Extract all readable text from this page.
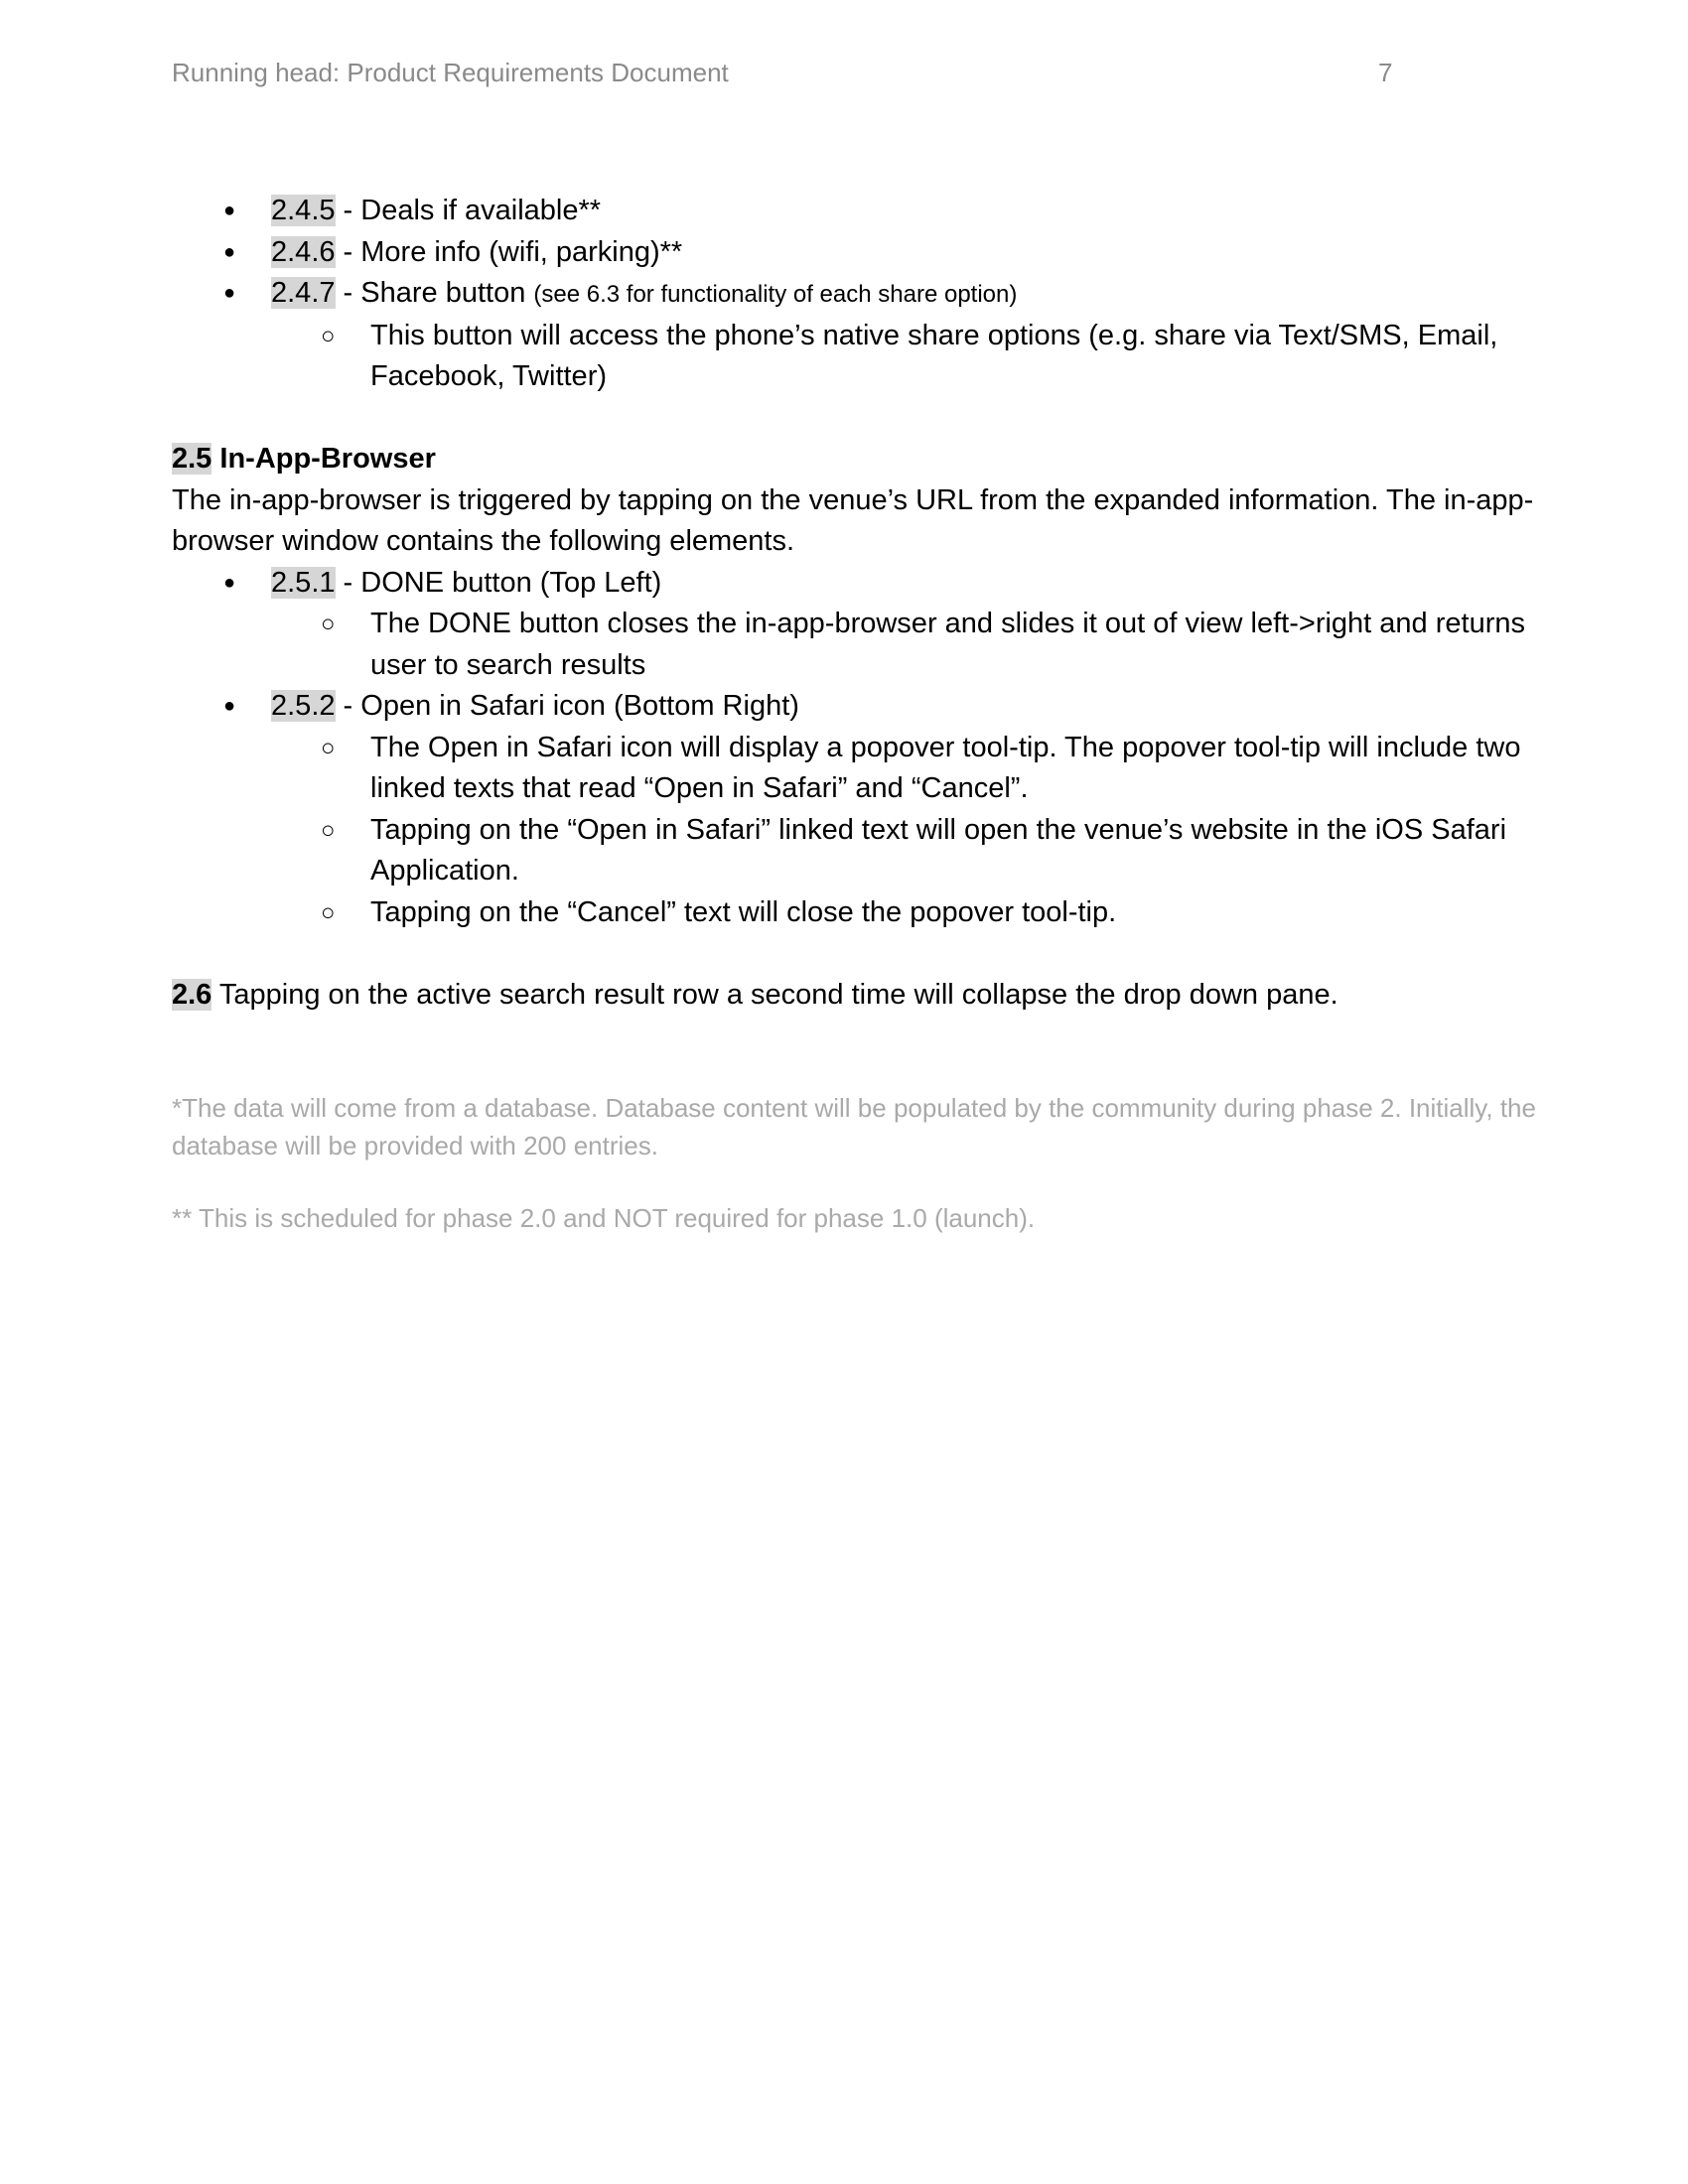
Running head: Product Requirements Document	7
● 2.4.5 - Deals if available**
● 2.4.6 - More info (wifi, parking)**
● 2.4.7 - Share button (see 6.3 for functionality of each share option)
○ This button will access the phone’s native share options (e.g. share via Text/SMS, Email, Facebook, Twitter)
2.5 In-App-Browser
The in-app-browser is triggered by tapping on the venue’s URL from the expanded information. The in-app-browser window contains the following elements.
● 2.5.1 - DONE button (Top Left)
○ The DONE button closes the in-app-browser and slides it out of view left->right and returns user to search results
● 2.5.2 - Open in Safari icon (Bottom Right)
○ The Open in Safari icon will display a popover tool-tip. The popover tool-tip will include two linked texts that read “Open in Safari” and “Cancel”.
○ Tapping on the “Open in Safari” linked text will open the venue’s website in the iOS Safari Application.
○ Tapping on the “Cancel” text will close the popover tool-tip.
2.6 Tapping on the active search result row a second time will collapse the drop down pane.
*The data will come from a database. Database content will be populated by the community during phase 2. Initially, the database will be provided with 200 entries.
** This is scheduled for phase 2.0 and NOT required for phase 1.0 (launch).
